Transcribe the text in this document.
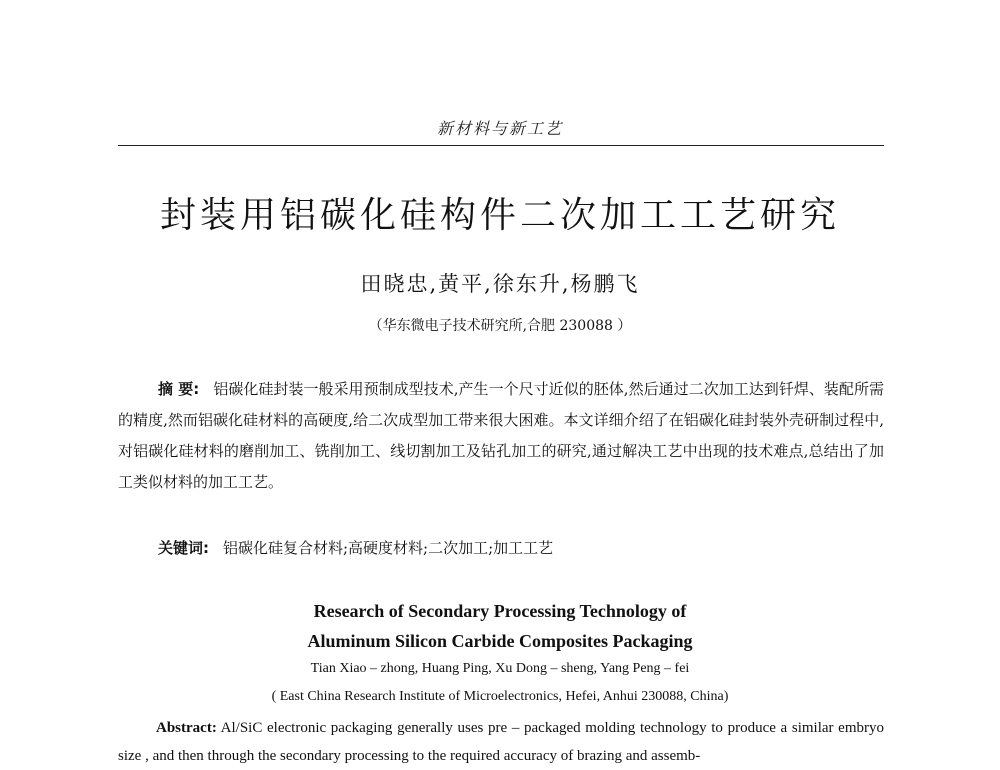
新材料与新工艺
封装用铝碳化硅构件二次加工工艺研究
田晓忠,黄平,徐东升,杨鹏飞
（华东微电子技术研究所,合肥 230088 ）
摘 要: 铝碳化硅封装一般采用预制成型技术,产生一个尺寸近似的胚体,然后通过二次加工达到钎焊、装配所需的精度,然而铝碳化硅材料的高硬度,给二次成型加工带来很大困难。本文详细介绍了在铝碳化硅封装外壳研制过程中,对铝碳化硅材料的磨削加工、铣削加工、线切割加工及钻孔加工的研究,通过解决工艺中出现的技术难点,总结出了加工类似材料的加工工艺。
关键词: 铝碳化硅复合材料;高硬度材料;二次加工;加工工艺
Research of Secondary Processing Technology of
Aluminum Silicon Carbide Composites Packaging
Tian Xiao – zhong, Huang Ping, Xu Dong – sheng, Yang Peng – fei
( East China Research Institute of Microelectronics, Hefei, Anhui 230088, China)
Abstract: Al/SiC electronic packaging generally uses pre – packaged molding technology to produce a similar embryo size , and then through the secondary processing to the required accuracy of brazing and assemb-
